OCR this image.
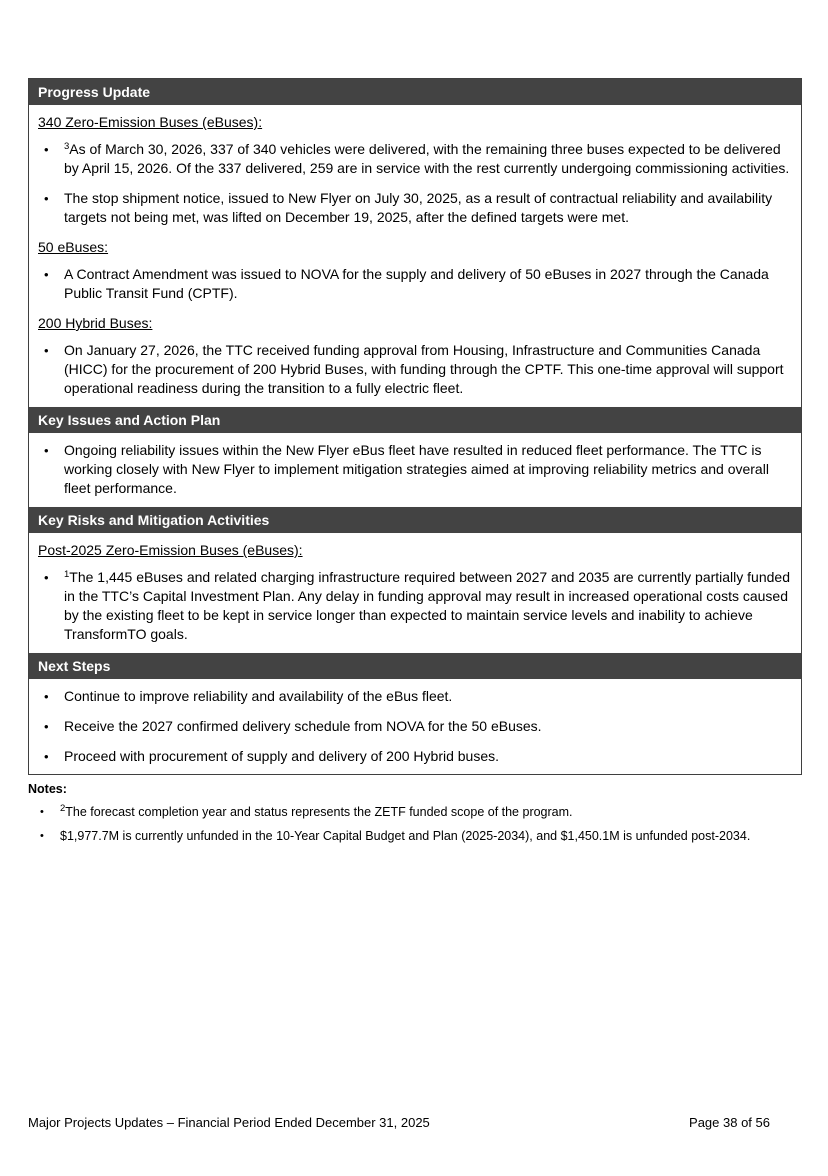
Progress Update
340 Zero-Emission Buses (eBuses):
•	$^3$As of March 30, 2026, 337 of 340 vehicles were delivered, with the remaining three buses expected to be delivered by April 15, 2026. Of the 337 delivered, 259 are in service with the rest currently undergoing commissioning activities.
•	The stop shipment notice, issued to New Flyer on July 30, 2025, as a result of contractual reliability and availability targets not being met, was lifted on December 19, 2025, after the defined targets were met.
50 eBuses:
•	A Contract Amendment was issued to NOVA for the supply and delivery of 50 eBuses in 2027 through the Canada Public Transit Fund (CPTF).
200 Hybrid Buses:
•	On January 27, 2026, the TTC received funding approval from Housing, Infrastructure and Communities Canada (HICC) for the procurement of 200 Hybrid Buses, with funding through the CPTF. This one-time approval will support operational readiness during the transition to a fully electric fleet.
Key Issues and Action Plan
•	Ongoing reliability issues within the New Flyer eBus fleet have resulted in reduced fleet performance. The TTC is working closely with New Flyer to implement mitigation strategies aimed at improving reliability metrics and overall fleet performance.
Key Risks and Mitigation Activities
Post-2025 Zero-Emission Buses (eBuses):
•	$^1$The 1,445 eBuses and related charging infrastructure required between 2027 and 2035 are currently partially funded in the TTC’s Capital Investment Plan. Any delay in funding approval may result in increased operational costs caused by the existing fleet to be kept in service longer than expected to maintain service levels and inability to achieve TransformTO goals.
Next Steps
•	Continue to improve reliability and availability of the eBus fleet.
•	Receive the 2027 confirmed delivery schedule from NOVA for the 50 eBuses.
•	Proceed with procurement of supply and delivery of 200 Hybrid buses.
Notes:
•	$^2$The forecast completion year and status represents the ZETF funded scope of the program.
•	$1,977.7M is currently unfunded in the 10-Year Capital Budget and Plan (2025-2034), and $1,450.1M is unfunded post-2034.
Major Projects Updates – Financial Period Ended December 31, 2025	Page 38 of 56
